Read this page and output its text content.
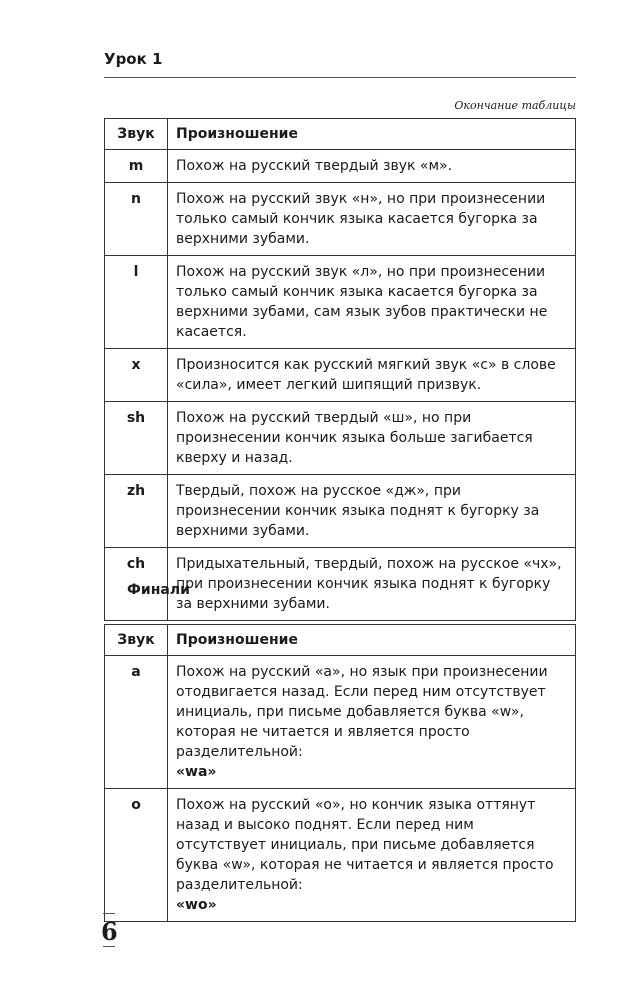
Урок 1
Окончание таблицы
Звук	Произношение
m	Похож на русский твердый звук «м».
n	Похож на русский звук «н», но при произнесении только самый кончик языка касается бугорка за верхними зубами.
l	Похож на русский звук «л», но при произнесении только самый кончик языка касается бугорка за верхними зубами, сам язык зубов практически не касается.
x	Произносится как русский мягкий звук «с» в слове «сила», имеет легкий шипящий призвук.
sh	Похож на русский твердый «ш», но при произнесении кончик языка больше загибается кверху и назад.
zh	Твердый, похож на русское «дж», при произнесении кончик языка поднят к бугорку за верхними зубами.
ch	Придыхательный, твердый, похож на русское «чх», при произнесении кончик языка поднят к бугорку за верхними зубами.
Финали
Звук	Произношение
a	Похож на русский «а», но язык при произнесении отодвигается назад. Если перед ним отсутствует инициаль, при письме добавляется буква «w», которая не читается и является просто разделительной:
«wa»
o	Похож на русский «о», но кончик языка оттянут назад и высоко поднят. Если перед ним отсутствует инициаль, при письме добавляется буква «w», которая не читается и является просто разделительной:
«wo»
6
